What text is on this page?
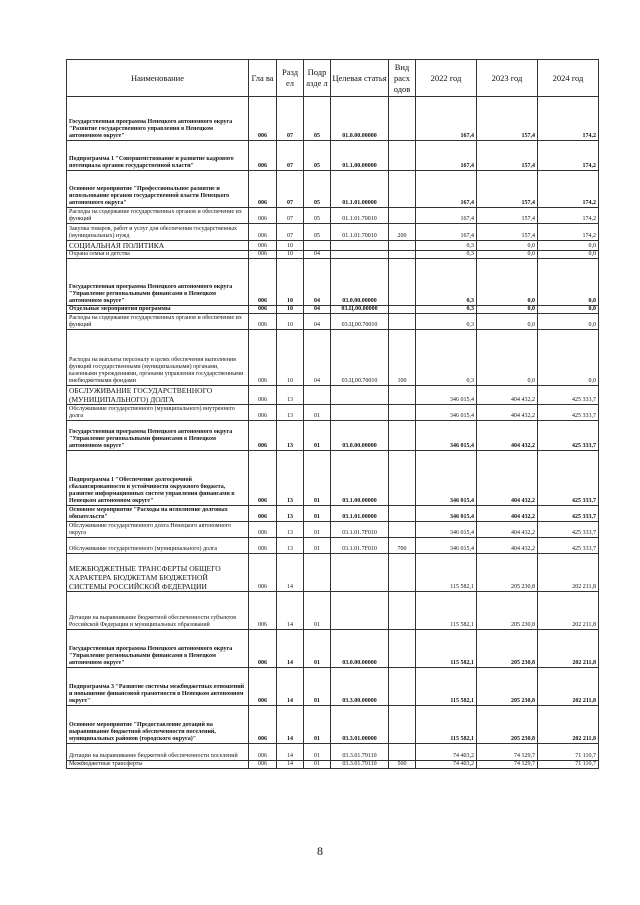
Наименование	Гла ва	Разд ел	Подр азде л	Целевая статья	Вид расх одов	2022 год	2023 год	2024 год
Государственная программа Ненецкого автономного округа "Развитие государственного управления в Ненецком автономном округе"	006	07	05	01.0.00.00000		167,4	157,4	174,2
Подпрограмма 1 "Совершенствование и развитие кадрового потенциала органов государственной власти"	006	07	05	01.1.00.00000		167,4	157,4	174,2
Основное мероприятие "Профессиональное развитие и использование органов государственной власти Ненецкого автономного округа"	006	07	05	01.1.01.00000		167,4	157,4	174,2
Расходы на содержание государственных органов и обеспечение их функций	006	07	05	01.1.01.70010		167,4	157,4	174,2
Закупка товаров, работ и услуг для обеспечения государственных (муниципальных) нужд	006	07	05	01.1.01.70010	200	167,4	157,4	174,2
СОЦИАЛЬНАЯ ПОЛИТИКА	006	10				0,3	0,0	0,0
Охрана семьи и детства	006	10	04			0,3	0,0	0,0
Государственная программа Ненецкого автономного округа "Управление региональными финансами в Ненецком автономном округе"	006	10	04	03.0.00.00000		0,3	0,0	0,0
Отдельные мероприятия программы	006	10	04	03.Ц.00.00000		0,3	0,0	0,0
Расходы на содержание государственных органов и обеспечение их функций	006	10	04	03.Ц.00.70010		0,3	0,0	0,0
Расходы на выплаты персоналу в целях обеспечения выполнения функций государственными (муниципальными) органами, казенными учреждениями, органами управления государственными внебюджетными фондами	006	10	04	03.Ц.00.70010	100	0,3	0,0	0,0
ОБСЛУЖИВАНИЕ ГОСУДАРСТВЕННОГО (МУНИЦИПАЛЬНОГО) ДОЛГА	006	13				346 015,4	404 432,2	425 333,7
Обслуживание государственного (муниципального) внутреннего долга	006	13	01			346 015,4	404 432,2	425 333,7
Государственная программа Ненецкого автономного округа "Управление региональными финансами в Ненецком автономном округе"	006	13	01	03.0.00.00000		346 015,4	404 432,2	425 333,7
Подпрограмма 1 "Обеспечение долгосрочной сбалансированности и устойчивости окружного бюджета, развитие информационных систем управления финансами в Ненецком автономном округе"	006	13	01	03.1.00.00000		346 015,4	404 432,2	425 333,7
Основное мероприятие "Расходы на исполнение долговых обязательств"	006	13	01	03.1.01.00000		346 015,4	404 432,2	425 333,7
Обслуживание государственного долга Ненецкого автономного округа	006	13	01	03.1.01.7F010		346 015,4	404 432,2	425 333,7
Обслуживание государственного (муниципального) долга	006	13	01	03.1.01.7F010	700	346 015,4	404 432,2	425 333,7
МЕЖБЮДЖЕТНЫЕ ТРАНСФЕРТЫ ОБЩЕГО ХАРАКТЕРА БЮДЖЕТАМ БЮДЖЕТНОЙ СИСТЕМЫ РОССИЙСКОЙ ФЕДЕРАЦИИ	006	14				115 582,1	205 230,8	202 211,8
Дотации на выравнивание бюджетной обеспеченности субъектов Российской Федерации и муниципальных образований	006	14	01			115 582,1	205 230,8	202 211,8
Государственная программа Ненецкого автономного округа "Управление региональными финансами в Ненецком автономном округе"	006	14	01	03.0.00.00000		115 582,1	205 230,8	202 211,8
Подпрограмма 3 "Развитие системы межбюджетных отношений и повышение финансовой грамотности в Ненецком автономном округе"	006	14	01	03.3.00.00000		115 582,1	205 230,8	202 211,8
Основное мероприятие "Предоставление дотаций на выравнивание бюджетной обеспеченности поселений, муниципальных районов (городского округа)"	006	14	01	03.3.01.00000		115 582,1	205 230,8	202 211,8
Дотации на выравнивание бюджетной обеспеченности поселений	006	14	01	03.3.01.79110		74 403,2	74 129,7	71 110,7
Межбюджетные трансферты	006	14	01	03.3.01.79110	500	74 403,2	74 129,7	71 110,7
8
